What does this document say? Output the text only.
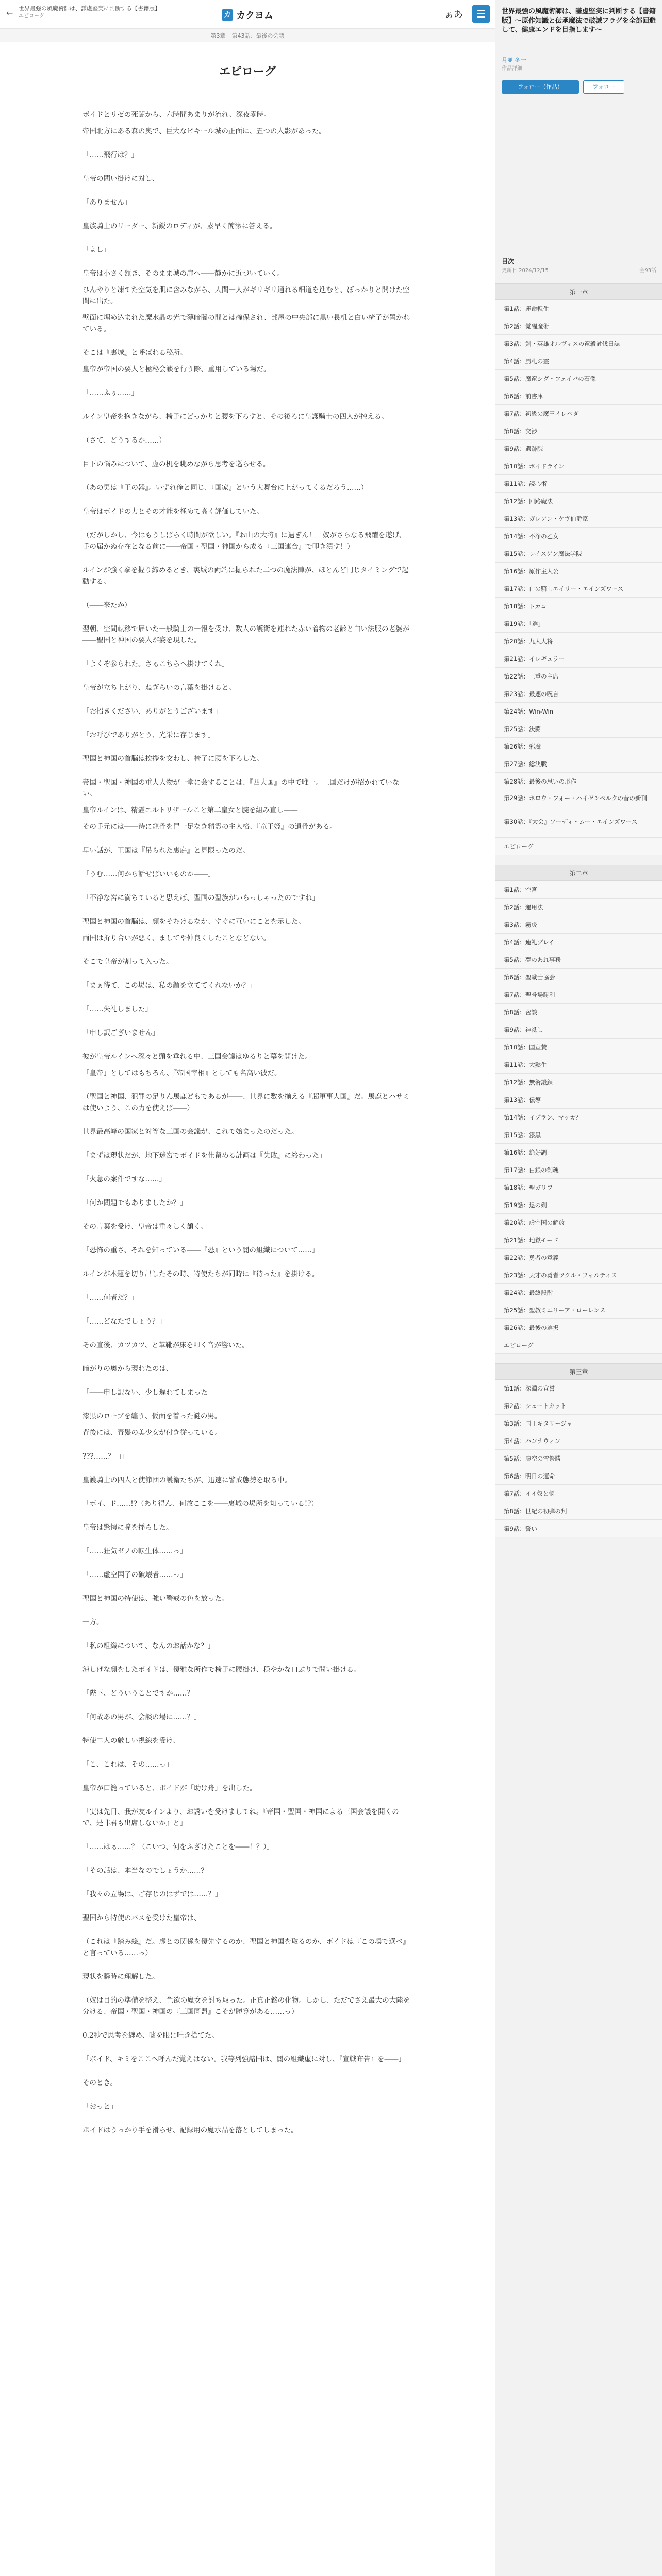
← 世界最強の風魔術師は、謙虚堅実に判断する【書籍版】
エピローグ	カ カクヨム	ぁあ
第3章 第43話：最後の会議
エピローグ

ボイドとリゼの死闘から、六時間あまりが流れ、深夜零時。

帝国北方にある森の奥で、巨大なビキール城の正面に、五つの人影があった。

「……飛行は？」

皇帝の問い掛けに対し、

「ありません」

皇族騎士のリーダー、新鋭のロディが、素早く簡潔に答える。

「よし」

皇帝は小さく頷き、そのまま城の扉へ――静かに近づいていく。

ひんやりと凍てた空気を肌に含みながら、人間一人がギリギリ通れる細道を進むと、ぼっかりと開けた空間に出た。

壁面に埋め込まれた魔水晶の光で薄暗闇の間とは確保され、部屋の中央部に黒い長机と白い椅子が置かれている。

そこは『裏城』と呼ばれる秘所。

皇帝が帝国の要人と極秘会談を行う際、重用している場だ。

「……ふぅ……」

ルイン皇帝を抱きながら、椅子にどっかりと腰を下ろすと、その後ろに皇護騎士の四人が控える。

（さて、どうするか……）

目下の悩みについて、虚の机を眺めながら思考を巡らせる。

（あの男は『王の器』。いずれ俺と同じ、『国家』という大舞台に上がってくるだろう……）

皇帝はボイドの力とその才能を極めて高く評価していた。

（だがしかし、今はもうしばらく時間が欲しい。『お山の大将』に過ぎん！　奴がさらなる飛躍を遂げ、手の届かぬ存在となる前に――帝国・聖国・神国から成る『三国連合』で叩き潰す！）

ルインが強く拳を握り締めるとき、裏城の両端に掘られた二つの魔法陣が、ほとんど同じタイミングで起動する。

（――来たか）

翌朝、空間転移で届いた一般騎士の一報を受け、数人の護衛を連れた赤い着物の老齢と白い法服の老婆が――聖国と神国の要人が姿を現した。

「よくぞ参られた。さぁこちらへ掛けてくれ」

皇帝が立ち上がり、ねぎらいの言葉を掛けると。

「お招きください、ありがとうございます」

「お呼びでありがとう、光栄に存じます」

聖国と神国の首脳は挨拶を交わし、椅子に腰を下ろした。

帝国・聖国・神国の重大人物が一堂に会することは、『四大国』の中で唯一。王国だけが招かれていない。

皇帝ルインは、精霊エルトリザールこと第二皇女と腕を組み直し――

その手元には――待に龍骨を冒一足なき精霊の主人格、『竜王姫』の遺骨がある。

早い話が、王国は『吊られた裏庭』と見限ったのだ。

「うむ……何から話せばいいものか――」

「不浄な宮に満ちていると思えば、聖国の聖族がいらっしゃったのですね」

聖国と神国の首脳は、顔をそむけるなか、すぐに互いにことを示した。

両国は折り合いが悪く、ましてや仲良くしたことなどない。

そこで皇帝が割って入った。

「まぁ待て、この場は、私の顔を立ててくれないか？」

「……失礼しました」

「申し訳ございません」

彼が皇帝ルインへ深々と頭を垂れる中、三国会議はゆるりと幕を開けた。

「皇帝」としてはもちろん、『帝国宰相』としても名高い彼だ。

（聖国と神国、犯罪の足りん馬鹿どもであるが――、世界に数を揃える『超軍事大国』だ。馬鹿とハサミは使いよう、この力を使えば――）

世界最高峰の国家と対等な三国の会議が、これで始まったのだった。

「まずは現状だが、地下迷宮でボイドを仕留める計画は『失敗』に終わった」

「火急の案件ですな……」

「何か問題でもありましたか？」

その言葉を受け、皇帝は重々しく頷く。

「恐怖の重さ、それを知っている――『恐』という闇の組織について……」

ルインが本題を切り出したその時、特使たちが同時に『待った』を掛ける。

「……何者だ？」

「……どなたでしょう？」

その直後、カツカツ、と革靴が床を叩く音が響いた。

暗がりの奥から現れたのは、

「――申し訳ない、少し遅れてしまった」

漆黒のローブを纏う、仮面を着った謎の男。

背後には、青髪の美少女が付き従っている。

???……？」」」

皇護騎士の四人と使節団の護衛たちが、迅速に警戒態勢を取る中。

「ボイ、ド……!?（あり得ん、何故ここを――裏城の場所を知っている!?）」

皇帝は驚愕に瞳を揺らした。

「……狂気ゼノの転生体……っ」

「……虚空国子の破壊者……っ」

聖国と神国の特使は、強い警戒の色を放った。

一方。

「私の組織について、なんのお話かな？」

涼しげな顔をしたボイドは、優雅な所作で椅子に腰掛け、穏やかな口ぶりで問い掛ける。

「陛下、どういうことですか……？」

「何故あの男が、会談の場に……？」

特使二人の厳しい視線を受け、

「こ、これは、その……っ」

皇帝が口籠っていると、ボイドが「助け舟」を出した。

「実は先日、我が友ルインより、お誘いを受けましてね。『帝国・聖国・神国による三国会議を開くので、是非君も出席しないか』と」

「……はぁ……？（こいつ、何をふざけたことを――！？）」

「その話は、本当なのでしょうか……？」

「我々の立場は、ご存じのはずでは……？」

聖国から特使のバスを受けた皇帝は、

（これは『踏み絵』だ。虚との関係を優先するのか、聖国と神国を取るのか、ボイドは『この場で選べ』と言っている……っ）

現状を瞬時に理解した。

（奴は目的の準備を整え、色欲の魔女を討ち取った。正真正銘の化物。しかし、ただでさえ最大の大陸を分ける、帝国・聖国・神国の『三国同盟』こそが勝算がある……っ）

0.2秒で思考を纏め、嘘を眼に吐き捨てた。

「ボイド、キミをここへ呼んだ覚えはない。我等列強諸国は、闇の組織虚に対し、『宣戦布告』を――」

そのとき。

「おっと」

ボイドはうっかり手を滑らせ、記録用の魔水晶を落としてしまった。

世界最強の風魔術師は、謙虚堅実に判断する【書籍版】〜原作知識と伝承魔法で破滅フラグを全部回避して、健康エンドを目指します〜
月並 冬一
フォロー（作品）	フォロー
目次
更新日 2024/12/15	全93話
第一章
第1話：運命転生
第2話：覚醒魔術
第3話：剣・英雄オルヴィスの竜殺討伐日誌
第4話：風札の霊
第5話：魔竜シグ・フェイバの石像
第6話：前書庫
第7話：初級の魔王イレベダ
第8話：交渉
第9話：遺跡院
第10話：ボイドライン
第11話：読心術
第12話：回路魔法
第13話：ガレアン・ケヴ伯爵家
第14話：不浄の乙女
第15話：レイスゲン魔法学院
第16話：原作主人公
第17話：白の騎士エイリー・エインズワース
第18話：トカコ
第19話：「選」
第20話：九大大将
第21話：イレギュラー
第22話：三重の主席
第23話：最速の呪言
第24話：Win-Win
第25話：決闘
第26話：邪魔
第27話：総決戦
第28話：最後の思いの形作
第29話：ホロウ・フォー・ハイゼンベルクの昔の新刊
第30話：『大会』ソーディ・ムー・エインズワース
エピローグ
第二章
第1話：空宮
第2話：運用法
第3話：霧炎
第4話：連礼プレイ
第5話：夢のあれ事務
第6話：聖戦士協会
第7話：聖誉場勝利
第8話：密談
第9話：神祗し
第10話：国宣賛
第11話：大黙生
第12話：無術鍛錬
第13話：伝導
第14話：イプラン、マッカ？
第15話：漆黒
第16話：絶好調
第17話：白銀の剣魂
第18話：聖ガリフ
第19話：退の剣
第20話：虚空国の解放
第21話：地獄モード
第22話：勇者の意義
第23話：天才の勇者ツクル・フォルティス
第24話：最終段階
第25話：聖教ミエリーア・ローレンス
第26話：最後の選択
エピローグ
第三章
第1話：深淵の宣誓
第2話：シェートカット
第3話：国王キタリージャ
第4話：ハンナウィン
第5話：虚空の雪祭勝
第6話：明日の運命
第7話：イイ奴と悩
第8話：世紀の初弾の判
第9話：誓い
作品詳細
